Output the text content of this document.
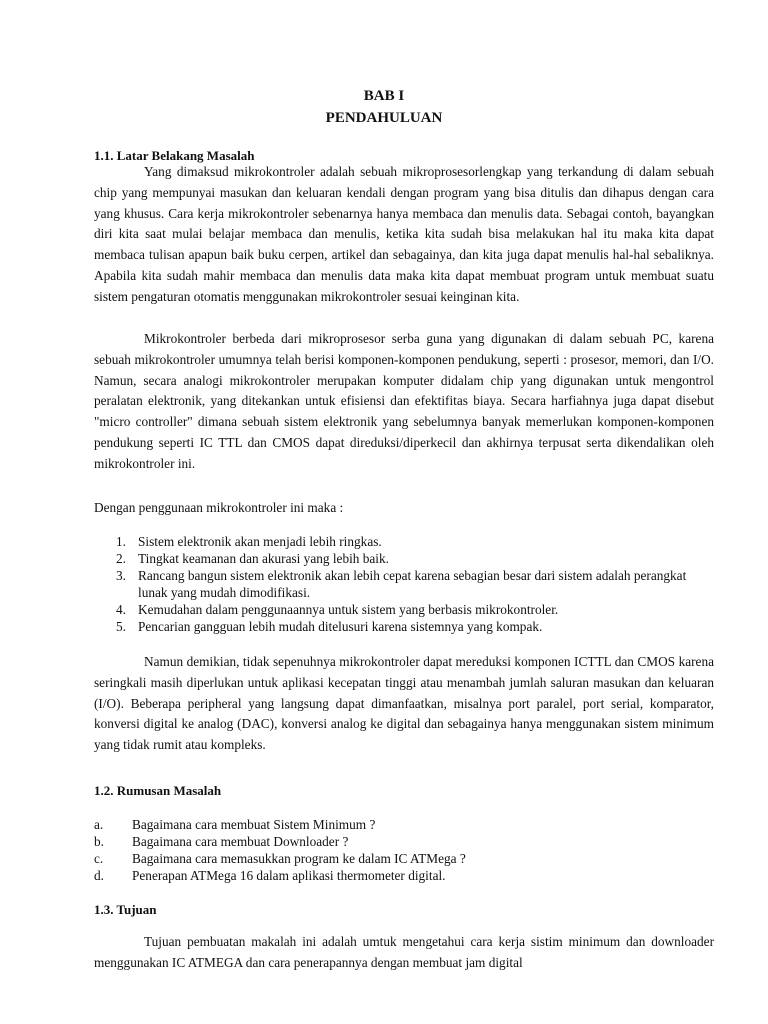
BAB I
PENDAHULUAN
1.1. Latar Belakang Masalah

Yang dimaksud mikrokontroler adalah sebuah mikroprosesorlengkap yang terkandung di dalam sebuah chip yang mempunyai masukan dan keluaran kendali dengan program yang bisa ditulis dan dihapus dengan cara yang khusus. Cara kerja mikrokontroler sebenarnya hanya membaca dan menulis data. Sebagai contoh, bayangkan diri kita saat mulai belajar membaca dan menulis, ketika kita sudah bisa melakukan hal itu maka kita dapat membaca tulisan apapun baik buku cerpen, artikel dan sebagainya, dan kita juga dapat menulis hal-hal sebaliknya. Apabila kita sudah mahir membaca dan menulis data maka kita dapat membuat program untuk membuat suatu sistem pengaturan otomatis menggunakan mikrokontroler sesuai keinginan kita.

Mikrokontroler berbeda dari mikroprosesor serba guna yang digunakan di dalam sebuah PC, karena sebuah mikrokontroler umumnya telah berisi komponen-komponen pendukung, seperti : prosesor, memori, dan I/O. Namun, secara analogi mikrokontroler merupakan komputer didalam chip yang digunakan untuk mengontrol peralatan elektronik, yang ditekankan untuk efisiensi dan efektifitas biaya. Secara harfiahnya juga dapat disebut "micro controller" dimana sebuah sistem elektronik yang sebelumnya banyak memerlukan komponen-komponen pendukung seperti IC TTL dan CMOS dapat direduksi/diperkecil dan akhirnya terpusat serta dikendalikan oleh mikrokontroler ini.

Dengan penggunaan mikrokontroler ini maka :

1. Sistem elektronik akan menjadi lebih ringkas.
2. Tingkat keamanan dan akurasi yang lebih baik.
3. Rancang bangun sistem elektronik akan lebih cepat karena sebagian besar dari sistem adalah perangkat lunak yang mudah dimodifikasi.
4. Kemudahan dalam penggunaannya untuk sistem yang berbasis mikrokontroler.
5. Pencarian gangguan lebih mudah ditelusuri karena sistemnya yang kompak.

Namun demikian, tidak sepenuhnya mikrokontroler dapat mereduksi komponen ICTTL dan CMOS karena seringkali masih diperlukan untuk aplikasi kecepatan tinggi atau menambah jumlah saluran masukan dan keluaran (I/O). Beberapa peripheral yang langsung dapat dimanfaatkan, misalnya port paralel, port serial, komparator, konversi digital ke analog (DAC), konversi analog ke digital dan sebagainya hanya menggunakan sistem minimum yang tidak rumit atau kompleks.

1.2. Rumusan Masalah
a. Bagaimana cara membuat Sistem Minimum ?
b. Bagaimana cara membuat Downloader ?
c. Bagaimana cara memasukkan program ke dalam IC ATMega ?
d. Penerapan ATMega 16 dalam aplikasi thermometer digital.
1.3. Tujuan

Tujuan pembuatan makalah ini adalah umtuk mengetahui cara kerja sistim minimum dan downloader menggunakan IC ATMEGA dan cara penerapannya dengan membuat jam digital
